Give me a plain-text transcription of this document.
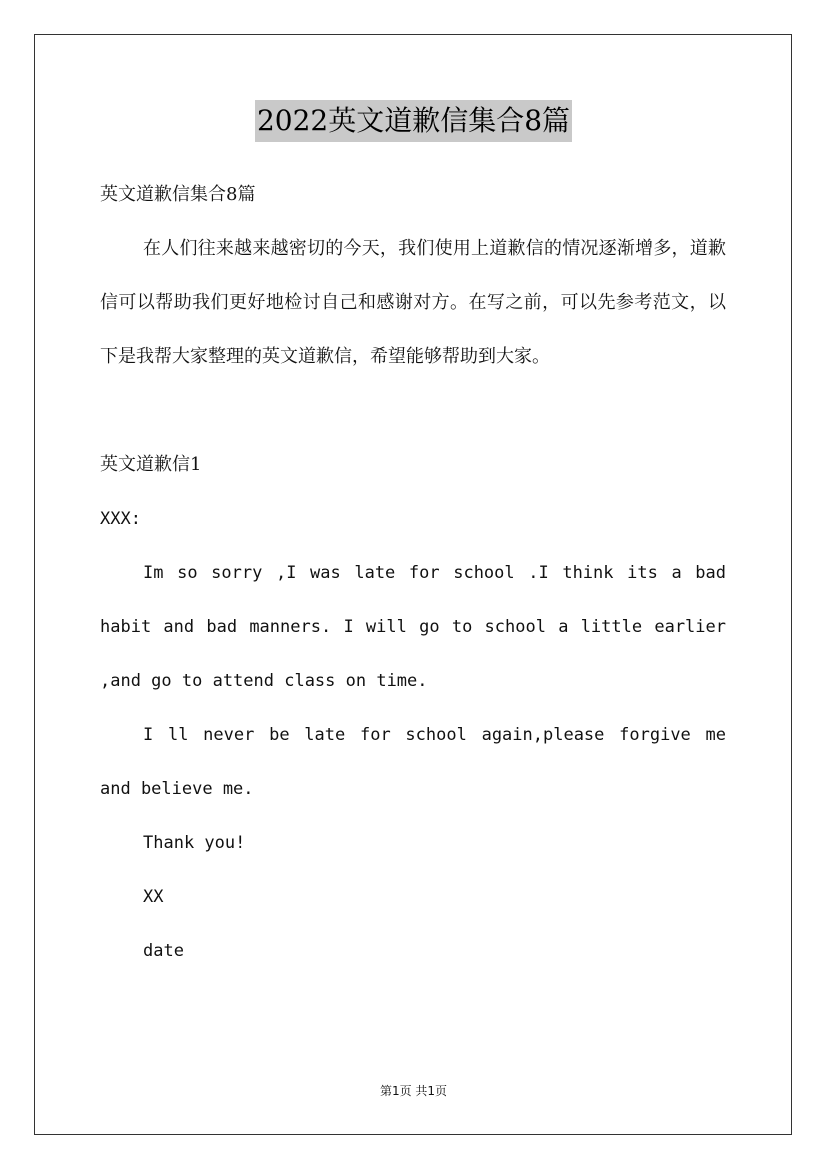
2022英文道歉信集合8篇

英文道歉信集合8篇

在人们往来越来越密切的今天，我们使用上道歉信的情况逐渐增多，道歉信可以帮助我们更好地检讨自己和感谢对方。在写之前，可以先参考范文，以下是我帮大家整理的英文道歉信，希望能够帮助到大家。

英文道歉信1

XXX:

Im so sorry ,I was late for school .I think its a bad habit and bad manners. I will go to school a little earlier ,and go to attend class on time.

I ll never be late for school again,please forgive me and believe me.

Thank you!

XX

date

第1页 共1页
